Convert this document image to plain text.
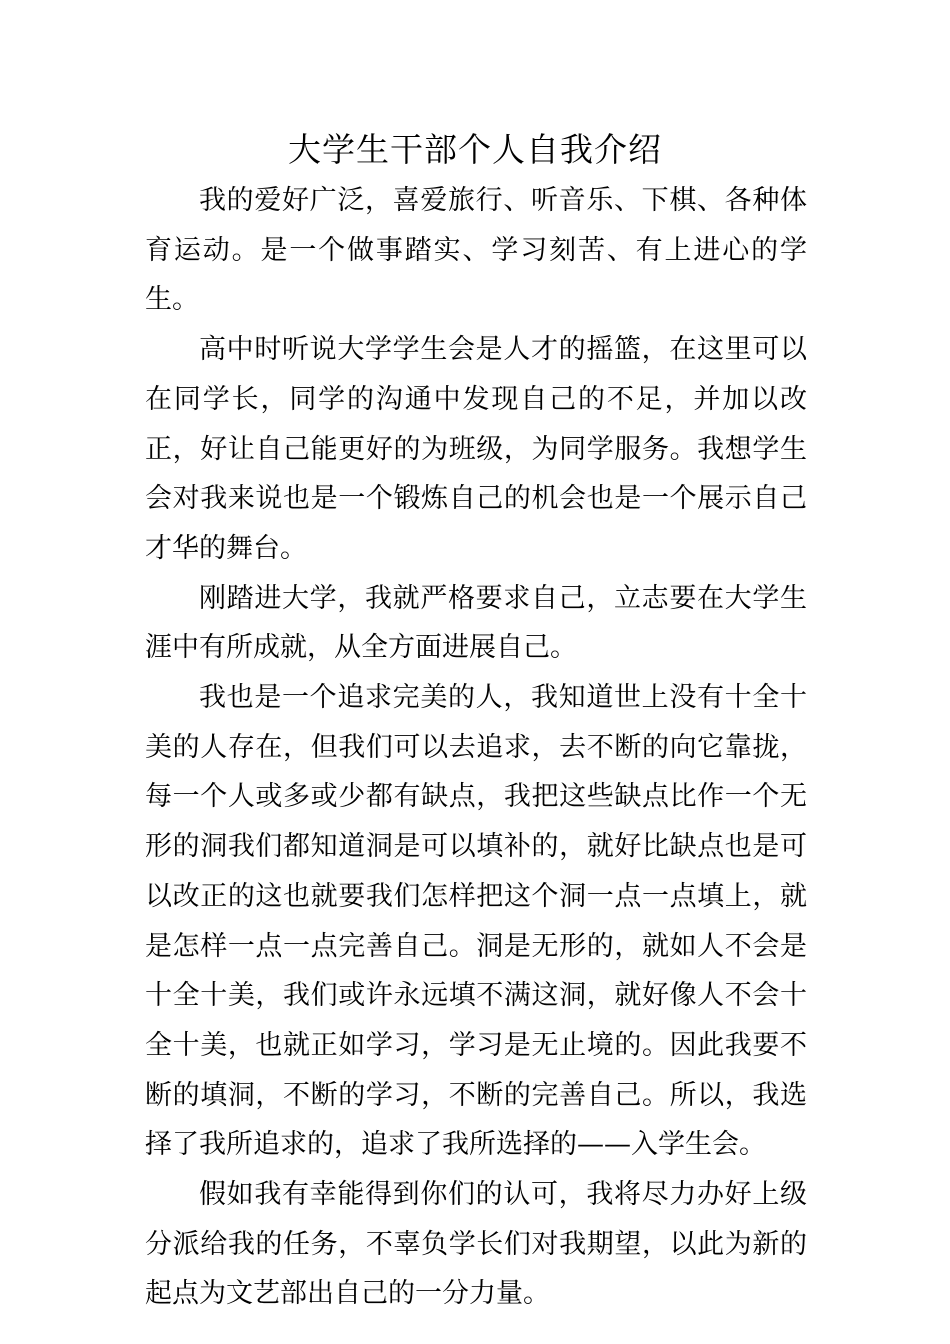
大学生干部个人自我介绍

我的爱好广泛，喜爱旅行、听音乐、下棋、各种体育运动。是一个做事踏实、学习刻苦、有上进心的学生。

高中时听说大学学生会是人才的摇篮，在这里可以在同学长，同学的沟通中发现自己的不足，并加以改正，好让自己能更好的为班级，为同学服务。我想学生会对我来说也是一个锻炼自己的机会也是一个展示自己才华的舞台。

刚踏进大学，我就严格要求自己，立志要在大学生涯中有所成就，从全方面进展自己。

我也是一个追求完美的人，我知道世上没有十全十美的人存在，但我们可以去追求，去不断的向它靠拢，每一个人或多或少都有缺点，我把这些缺点比作一个无形的洞我们都知道洞是可以填补的，就好比缺点也是可以改正的这也就要我们怎样把这个洞一点一点填上，就是怎样一点一点完善自己。洞是无形的，就如人不会是十全十美，我们或许永远填不满这洞，就好像人不会十全十美，也就正如学习，学习是无止境的。因此我要不断的填洞，不断的学习，不断的完善自己。所以，我选择了我所追求的，追求了我所选择的——入学生会。

假如我有幸能得到你们的认可，我将尽力办好上级分派给我的任务，不辜负学长们对我期望，以此为新的起点为文艺部出自己的一分力量。
